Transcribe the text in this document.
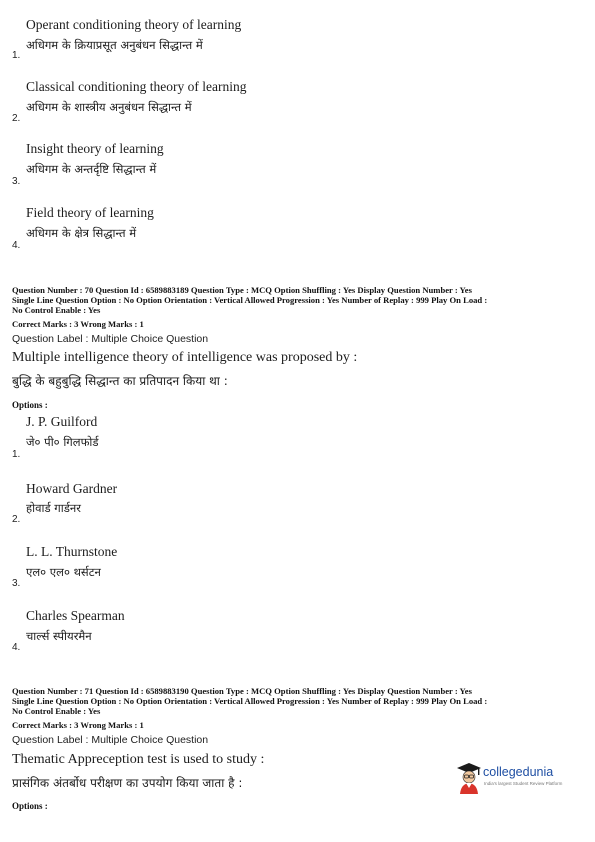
Operant conditioning theory of learning
अधिगम के क्रियाप्रसूत अनुबंधन सिद्धान्त में
1.
Classical conditioning theory of learning
अधिगम के शास्त्रीय अनुबंधन सिद्धान्त में
2.
Insight theory of learning
अधिगम के अन्तर्दृष्टि सिद्धान्त में
3.
Field theory of learning
अधिगम के क्षेत्र सिद्धान्त में
4.
Question Number : 70 Question Id : 6589883189 Question Type : MCQ Option Shuffling : Yes Display Question Number : Yes
Single Line Question Option : No Option Orientation : Vertical Allowed Progression : Yes Number of Replay : 999 Play On Load :
No Control Enable : Yes
Correct Marks : 3 Wrong Marks : 1
Question Label : Multiple Choice Question
Multiple intelligence theory of intelligence was proposed by :
बुद्धि के बहुबुद्धि सिद्धान्त का प्रतिपादन किया था :
Options :
J. P. Guilford
जे० पी० गिलफोर्ड
1.
Howard Gardner
होवार्ड गार्डनर
2.
L. L. Thurnstone
एल० एल० थर्सटन
3.
Charles Spearman
चार्ल्स स्पीयरमैन
4.
Question Number : 71 Question Id : 6589883190 Question Type : MCQ Option Shuffling : Yes Display Question Number : Yes
Single Line Question Option : No Option Orientation : Vertical Allowed Progression : Yes Number of Replay : 999 Play On Load :
No Control Enable : Yes
Correct Marks : 3 Wrong Marks : 1
Question Label : Multiple Choice Question
Thematic Appreception test is used to study :
प्रासंगिक अंतर्बोध परीक्षण का उपयोग किया जाता है :
Options :
collegedunia
India's largest Student Review Platform
